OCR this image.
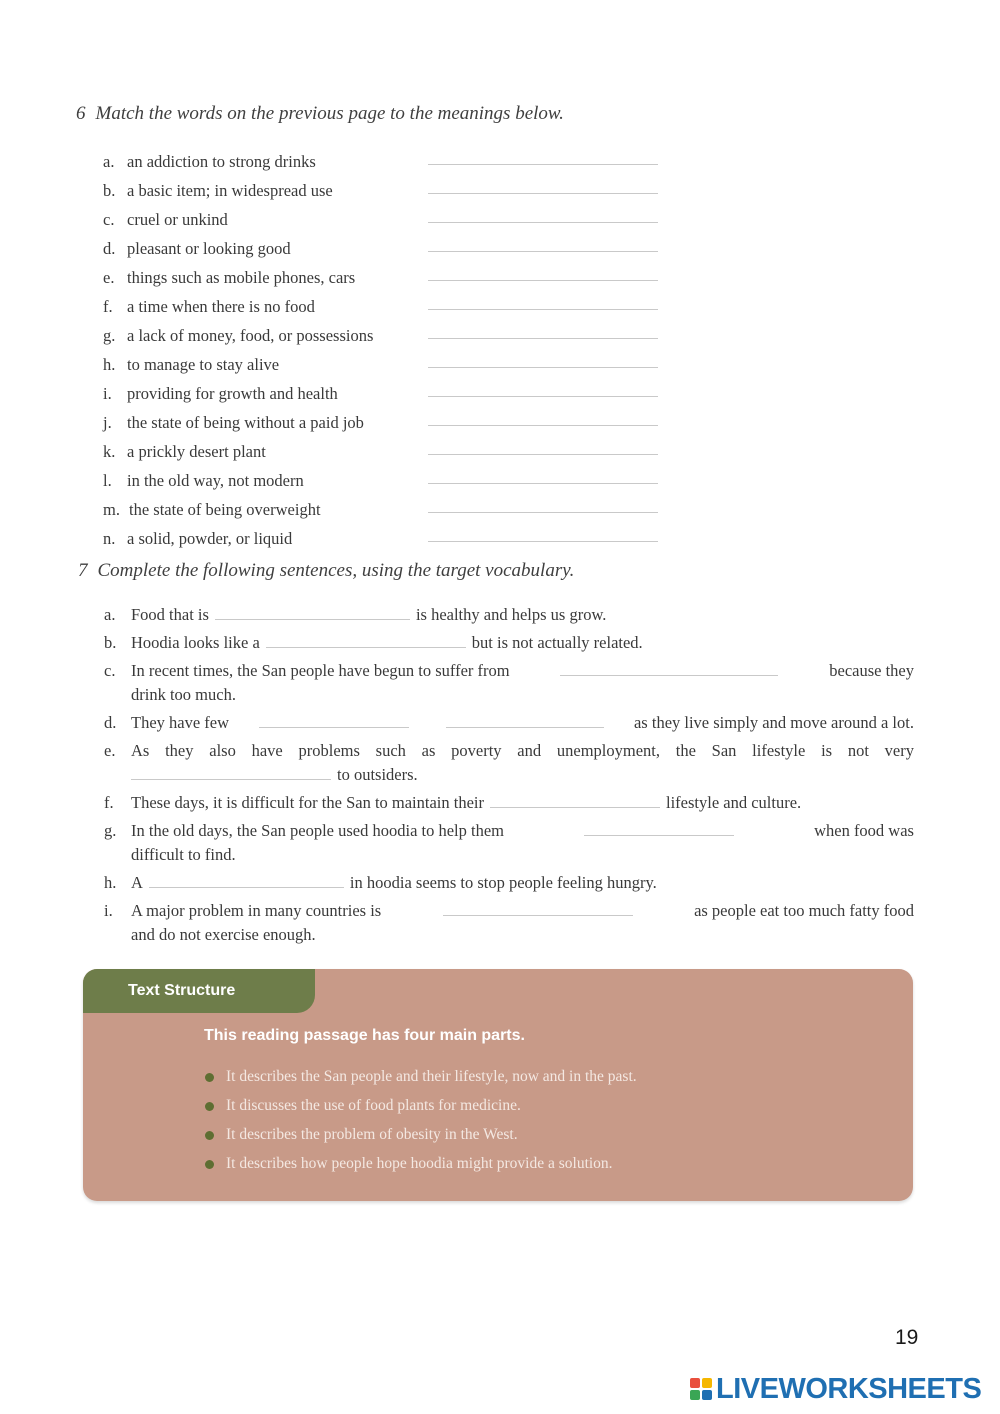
6 Match the words on the previous page to the meanings below.
a. an addiction to strong drinks
b. a basic item; in widespread use
c. cruel or unkind
d. pleasant or looking good
e. things such as mobile phones, cars
f. a time when there is no food
g. a lack of money, food, or possessions
h. to manage to stay alive
i. providing for growth and health
j. the state of being without a paid job
k. a prickly desert plant
l. in the old way, not modern
m. the state of being overweight
n. a solid, powder, or liquid
7 Complete the following sentences, using the target vocabulary.
a. Food that is	is healthy and helps us grow.
b. Hoodia looks like a	but is not actually related.
c. In recent times, the San people have begun to suffer from	because they
drink too much.
d. They have few	as they live simply and move around a lot.
e. As they also have problems such as poverty and unemployment, the San lifestyle is not very
to outsiders.
f. These days, it is difficult for the San to maintain their	lifestyle and culture.
g. In the old days, the San people used hoodia to help them	when food was
difficult to find.
h. A	in hoodia seems to stop people feeling hungry.
i. A major problem in many countries is	as people eat too much fatty food
and do not exercise enough.
Text Structure
This reading passage has four main parts.
It describes the San people and their lifestyle, now and in the past.
It discusses the use of food plants for medicine.
It describes the problem of obesity in the West.
It describes how people hope hoodia might provide a solution.
19
LIVEWORKSHEETS
